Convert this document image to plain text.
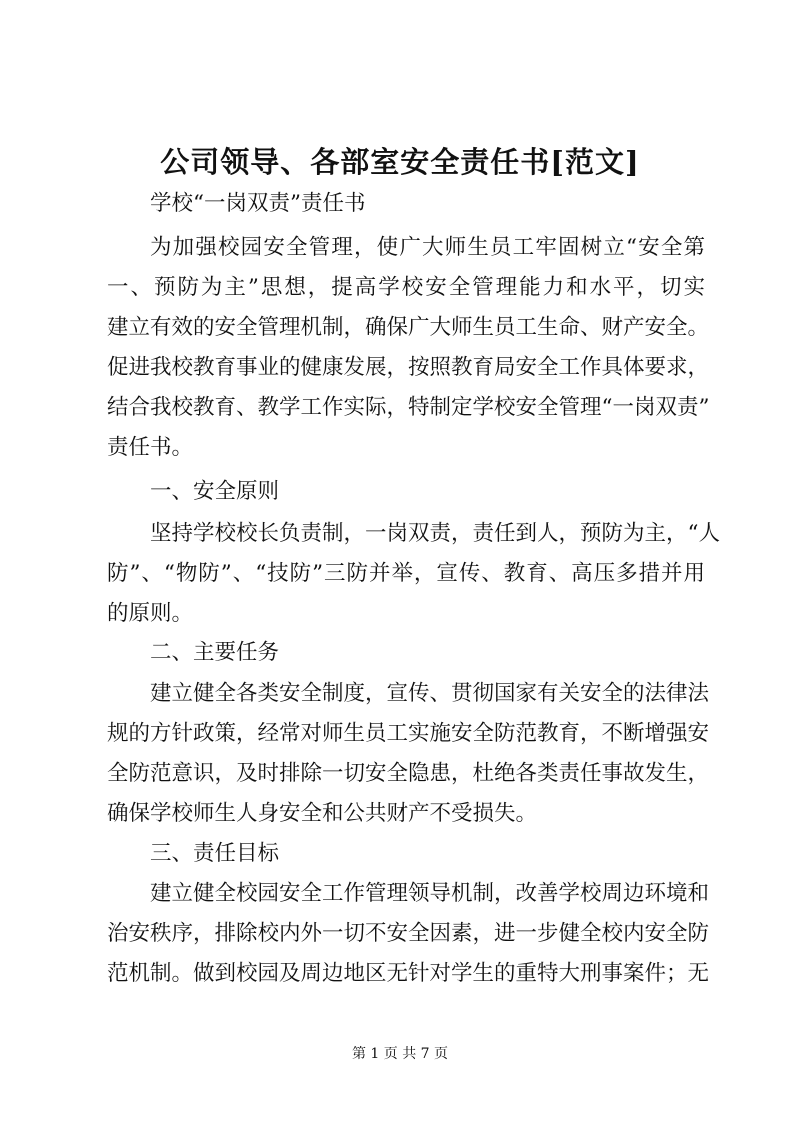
公司领导、各部室安全责任书[范文]
学校“一岗双责”责任书
为加强校园安全管理，使广大师生员工牢固树立“安全第
一、预防为主”思想，提高学校安全管理能力和水平，切实
建立有效的安全管理机制，确保广大师生员工生命、财产安全。
促进我校教育事业的健康发展，按照教育局安全工作具体要求，
结合我校教育、教学工作实际，特制定学校安全管理“一岗双责”
责任书。
一、安全原则
坚持学校校长负责制，一岗双责，责任到人，预防为主，“人
防”、“物防”、“技防”三防并举，宣传、教育、高压多措并用
的原则。
二、主要任务
建立健全各类安全制度，宣传、贯彻国家有关安全的法律法
规的方针政策，经常对师生员工实施安全防范教育，不断增强安
全防范意识，及时排除一切安全隐患，杜绝各类责任事故发生，
确保学校师生人身安全和公共财产不受损失。
三、责任目标
建立健全校园安全工作管理领导机制，改善学校周边环境和
治安秩序，排除校内外一切不安全因素，进一步健全校内安全防
范机制。做到校园及周边地区无针对学生的重特大刑事案件；无
第 1 页 共 7 页
